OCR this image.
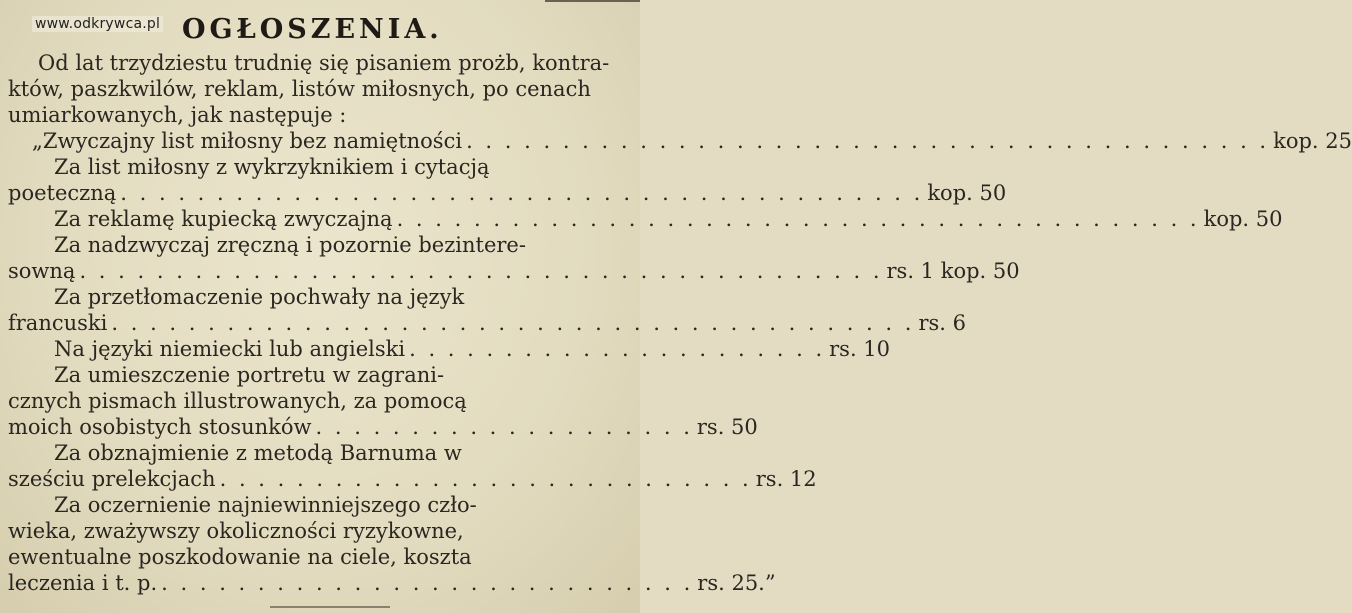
www.odkrywca.pl OGŁOSZENIA.
Od lat trzydziestu trudnię się pisaniem prożb, kontra-
któw, paszkwilów, reklam, listów miłosnych, po cenach
umiarkowanych, jak następuje :
„Zwyczajny list miłosny bez namiętności . . . . . . . . . . . . . . . . . . . . . . . . . . . . . . . . . . . . . . . . . . kop. 25
Za list miłosny z wykrzyknikiem i cytacją
poeteczną . . . . . . . . . . . . . . . . . . . . . . . . . . . . . . . . . . . . . . . . . . kop. 50
Za reklamę kupiecką zwyczajną . . . . . . . . . . . . . . . . . . . . . . . . . . . . . . . . . . . . . . . . . . kop. 50
Za nadzwyczaj zręczną i pozornie bezintere-
sowną . . . . . . . . . . . . . . . . . . . . . . . . . . . . . . . . . . . . . . . . . . rs. 1 kop. 50
Za przetłomaczenie pochwały na język
francuski . . . . . . . . . . . . . . . . . . . . . . . . . . . . . . . . . . . . . . . . . . rs. 6
Na języki niemiecki lub angielski . . . . . . . . . . . . . . . . . . . . . . rs. 10
Za umieszczenie portretu w zagrani-
cznych pismach illustrowanych, za pomocą
moich osobistych stosunków . . . . . . . . . . . . . . . . . . . . rs. 50
Za obznajmienie z metodą Barnuma w
sześciu prelekcjach . . . . . . . . . . . . . . . . . . . . . . . . . . . . rs. 12
Za oczernienie najniewinniejszego czło-
wieka, zważywszy okoliczności ryzykowne,
ewentualne poszkodowanie na ciele, koszta
leczenia i t. p. . . . . . . . . . . . . . . . . . . . . . . . . . . . . rs. 25.”
